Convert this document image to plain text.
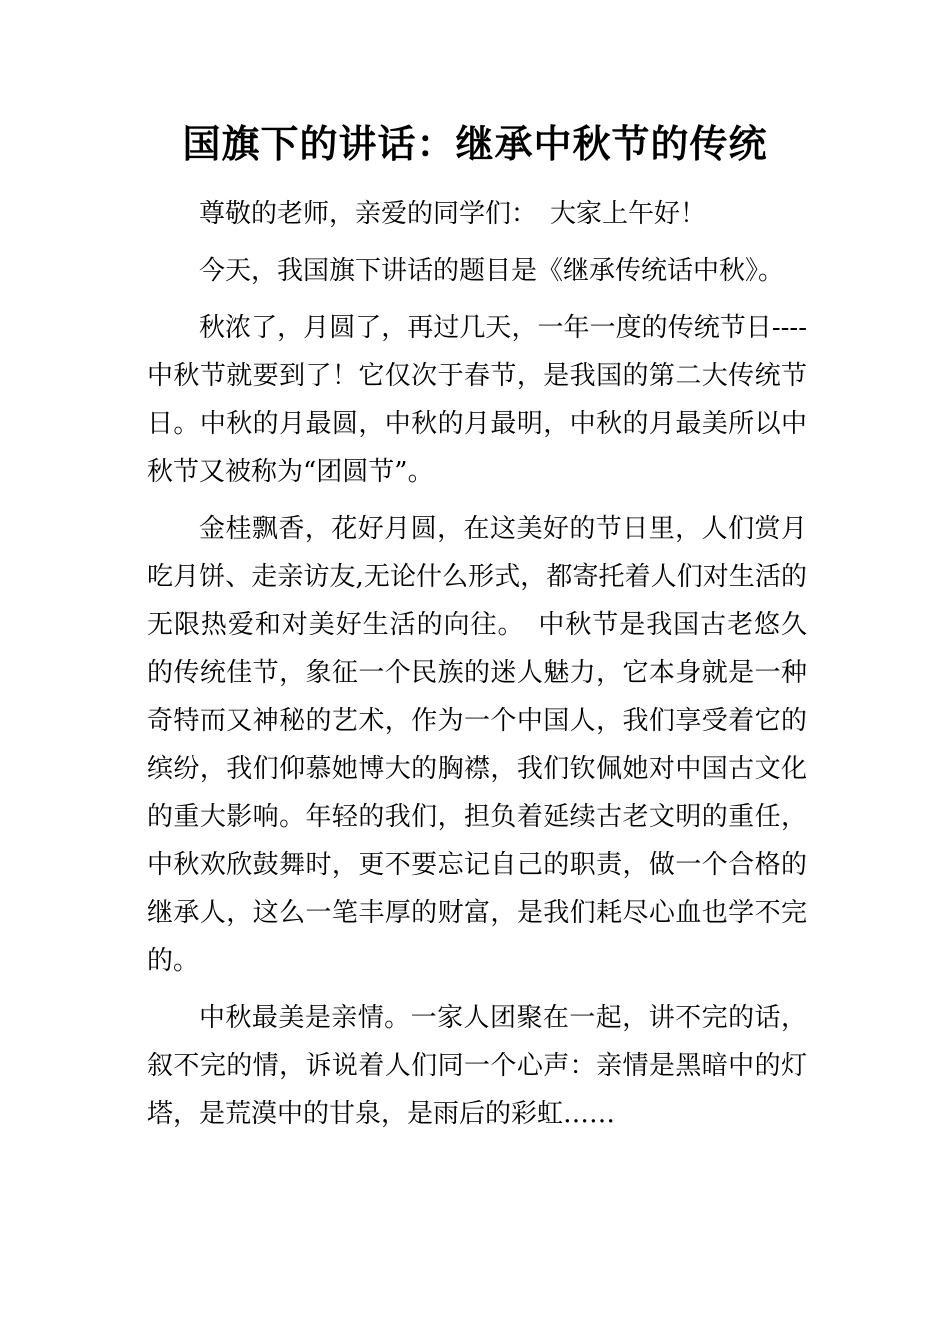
国旗下的讲话：继承中秋节的传统

尊敬的老师，亲爱的同学们：　大家上午好！

今天，我国旗下讲话的题目是《继承传统话中秋》。

秋浓了，月圆了，再过几天，一年一度的传统节日----中秋节就要到了！它仅次于春节，是我国的第二大传统节日。中秋的月最圆，中秋的月最明，中秋的月最美所以中秋节又被称为“团圆节”。

金桂飘香，花好月圆，在这美好的节日里，人们赏月吃月饼、走亲访友,无论什么形式，都寄托着人们对生活的无限热爱和对美好生活的向往。　中秋节是我国古老悠久的传统佳节，象征一个民族的迷人魅力，它本身就是一种奇特而又神秘的艺术，作为一个中国人，我们享受着它的缤纷，我们仰慕她博大的胸襟，我们钦佩她对中国古文化的重大影响。年轻的我们，担负着延续古老文明的重任，中秋欢欣鼓舞时，更不要忘记自己的职责，做一个合格的继承人，这么一笔丰厚的财富，是我们耗尽心血也学不完的。

中秋最美是亲情。一家人团聚在一起，讲不完的话，叙不完的情，诉说着人们同一个心声：亲情是黑暗中的灯塔，是荒漠中的甘泉，是雨后的彩虹……
